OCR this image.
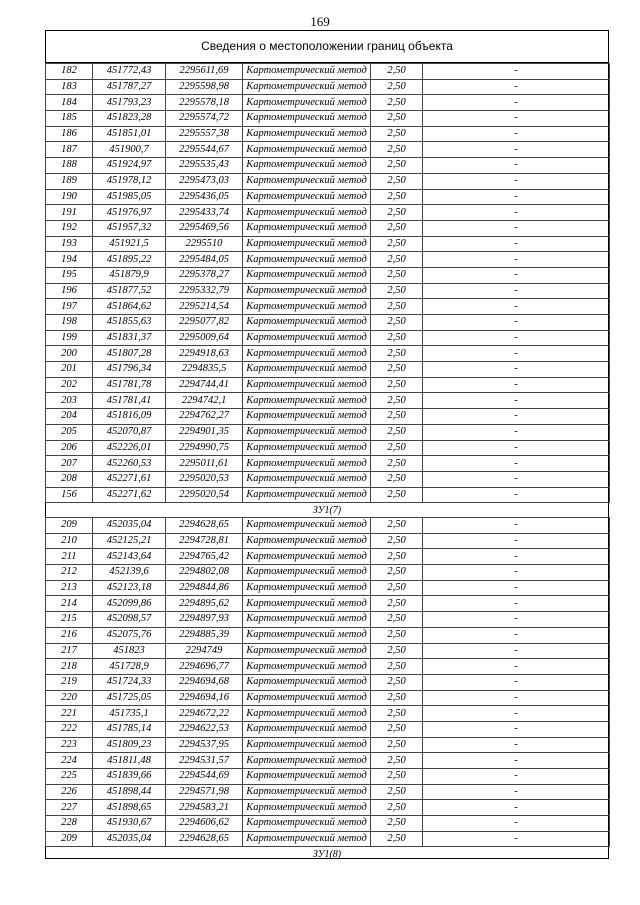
169
Сведения о местоположении границ объекта
182	451772,43	2295611,69	Картометрический метод	2,50	-
183	451787,27	2295598,98	Картометрический метод	2,50	-
184	451793,23	2295578,18	Картометрический метод	2,50	-
185	451823,28	2295574,72	Картометрический метод	2,50	-
186	451851,01	2295557,38	Картометрический метод	2,50	-
187	451900,7	2295544,67	Картометрический метод	2,50	-
188	451924,97	2295535,43	Картометрический метод	2,50	-
189	451978,12	2295473,03	Картометрический метод	2,50	-
190	451985,05	2295436,05	Картометрический метод	2,50	-
191	451976,97	2295433,74	Картометрический метод	2,50	-
192	451957,32	2295469,56	Картометрический метод	2,50	-
193	451921,5	2295510	Картометрический метод	2,50	-
194	451895,22	2295484,05	Картометрический метод	2,50	-
195	451879,9	2295378,27	Картометрический метод	2,50	-
196	451877,52	2295332,79	Картометрический метод	2,50	-
197	451864,62	2295214,54	Картометрический метод	2,50	-
198	451855,63	2295077,82	Картометрический метод	2,50	-
199	451831,37	2295009,64	Картометрический метод	2,50	-
200	451807,28	2294918,63	Картометрический метод	2,50	-
201	451796,34	2294835,5	Картометрический метод	2,50	-
202	451781,78	2294744,41	Картометрический метод	2,50	-
203	451781,41	2294742,1	Картометрический метод	2,50	-
204	451816,09	2294762,27	Картометрический метод	2,50	-
205	452070,87	2294901,35	Картометрический метод	2,50	-
206	452226,01	2294990,75	Картометрический метод	2,50	-
207	452260,53	2295011,61	Картометрический метод	2,50	-
208	452271,61	2295020,53	Картометрический метод	2,50	-
156	452271,62	2295020,54	Картометрический метод	2,50	-
ЗУ1(7)
209	452035,04	2294628,65	Картометрический метод	2,50	-
210	452125,21	2294728,81	Картометрический метод	2,50	-
211	452143,64	2294765,42	Картометрический метод	2,50	-
212	452139,6	2294802,08	Картометрический метод	2,50	-
213	452123,18	2294844,86	Картометрический метод	2,50	-
214	452099,86	2294895,62	Картометрический метод	2,50	-
215	452098,57	2294897,93	Картометрический метод	2,50	-
216	452075,76	2294885,39	Картометрический метод	2,50	-
217	451823	2294749	Картометрический метод	2,50	-
218	451728,9	2294696,77	Картометрический метод	2,50	-
219	451724,33	2294694,68	Картометрический метод	2,50	-
220	451725,05	2294694,16	Картометрический метод	2,50	-
221	451735,1	2294672,22	Картометрический метод	2,50	-
222	451785,14	2294622,53	Картометрический метод	2,50	-
223	451809,23	2294537,95	Картометрический метод	2,50	-
224	451811,48	2294531,57	Картометрический метод	2,50	-
225	451839,66	2294544,69	Картометрический метод	2,50	-
226	451898,44	2294571,98	Картометрический метод	2,50	-
227	451898,65	2294583,21	Картометрический метод	2,50	-
228	451930,67	2294606,62	Картометрический метод	2,50	-
209	452035,04	2294628,65	Картометрический метод	2,50	-
ЗУ1(8)
